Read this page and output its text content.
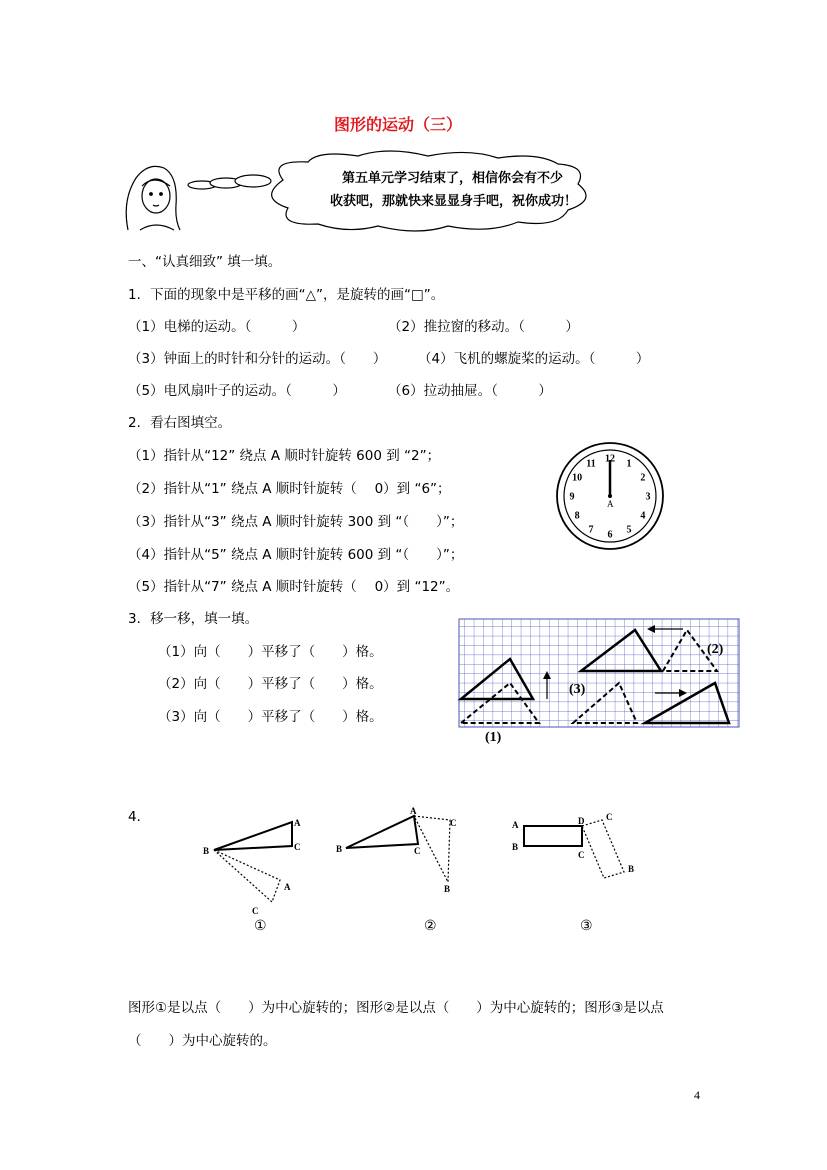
图形的运动（三）
第五单元学习结束了，相信你会有不少
收获吧，那就快来显显身手吧，祝你成功！
一、“认真细致” 填一填。
1．下面的现象中是平移的画“△”，是旋转的画“□”。
（1）电梯的运动。（　　　）	（2）推拉窗的移动。（　　　）
（3）钟面上的时针和分针的运动。（　　） （4）飞机的螺旋桨的运动。（　　　）
（5）电风扇叶子的运动。（　　　）	（6）拉动抽屉。（　　　）
2．看右图填空。
（1）指针从“12” 绕点 A 顺时针旋转 600 到 “2”；
（2）指针从“1” 绕点 A 顺时针旋转（　 0）到 “6”；
（3）指针从“3” 绕点 A 顺时针旋转 300 到 “（　　）”；
（4）指针从“5” 绕点 A 顺时针旋转 600 到 “（　　）”；
（5）指针从“7” 绕点 A 顺时针旋转（　 0）到 “12”。
12 1
2
3
4
5
6
7
8
9
10
11
A
3．移一移，填一填。
（1）向（　　）平移了（　　）格。
（2）向（　　）平移了（　　）格。
（3）向（　　）平移了（　　）格。
(1)
(2)
(3)
4．
B
A
C
A
C
①
B
A
C
C
B
②
A
B
D
C
C
B
③
图形①是以点（　　）为中心旋转的；图形②是以点（　　）为中心旋转的；图形③是以点
（　　）为中心旋转的。
4
